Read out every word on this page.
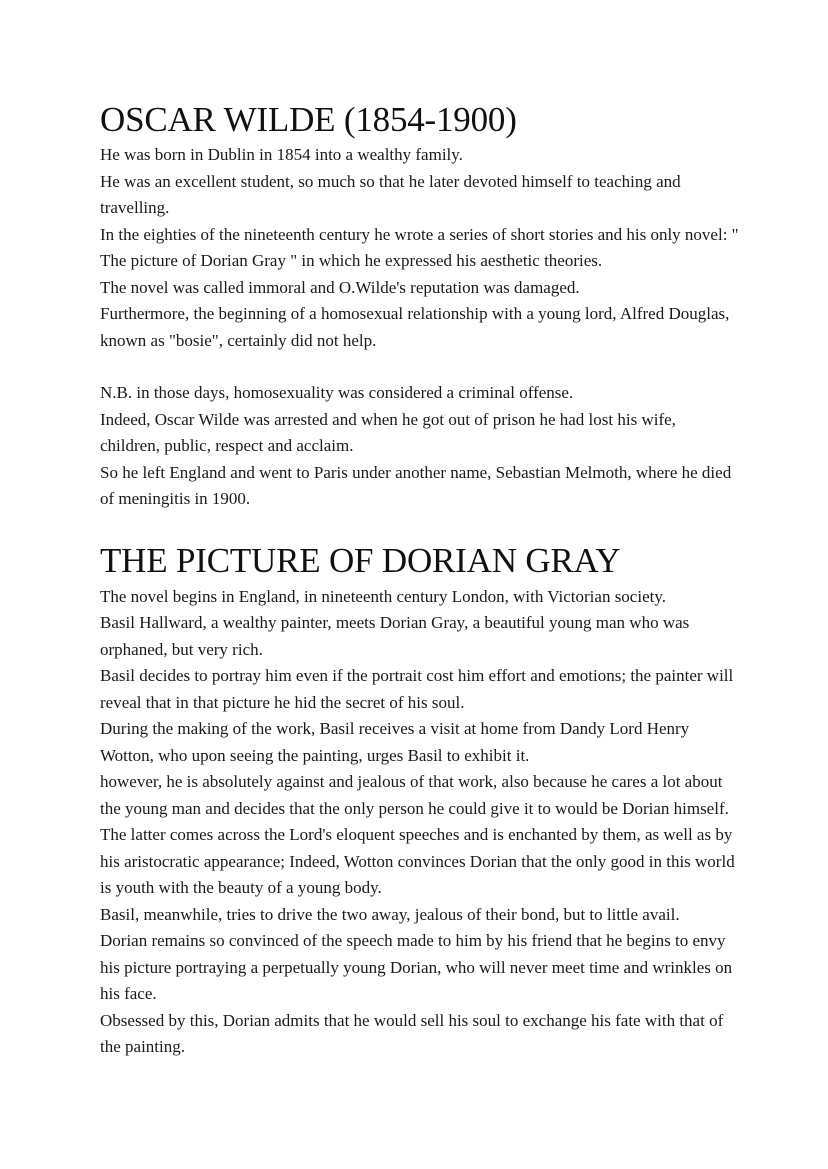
OSCAR WILDE (1854-1900)

He was born in Dublin in 1854 into a wealthy family.

He was an excellent student, so much so that he later devoted himself to teaching and travelling.

In the eighties of the nineteenth century he wrote a series of short stories and his only novel: " The picture of Dorian Gray " in which he expressed his aesthetic theories.

The novel was called immoral and O.Wilde's reputation was damaged.

Furthermore, the beginning of a homosexual relationship with a young lord, Alfred Douglas, known as "bosie", certainly did not help.

N.B. in those days, homosexuality was considered a criminal offense.

Indeed, Oscar Wilde was arrested and when he got out of prison he had lost his wife, children, public, respect and acclaim.

So he left England and went to Paris under another name, Sebastian Melmoth, where he died of meningitis in 1900.

THE PICTURE OF DORIAN GRAY

The novel begins in England, in nineteenth century London, with Victorian society.

Basil Hallward, a wealthy painter, meets Dorian Gray, a beautiful young man who was orphaned, but very rich.

Basil decides to portray him even if the portrait cost him effort and emotions; the painter will reveal that in that picture he hid the secret of his soul.

During the making of the work, Basil receives a visit at home from Dandy Lord Henry Wotton, who upon seeing the painting, urges Basil to exhibit it.

however, he is absolutely against and jealous of that work, also because he cares a lot about the young man and decides that the only person he could give it to would be Dorian himself.

The latter comes across the Lord's eloquent speeches and is enchanted by them, as well as by his aristocratic appearance; Indeed, Wotton convinces Dorian that the only good in this world is youth with the beauty of a young body.

Basil, meanwhile, tries to drive the two away, jealous of their bond, but to little avail.

Dorian remains so convinced of the speech made to him by his friend that he begins to envy his picture portraying a perpetually young Dorian, who will never meet time and wrinkles on his face.

Obsessed by this, Dorian admits that he would sell his soul to exchange his fate with that of the painting.
